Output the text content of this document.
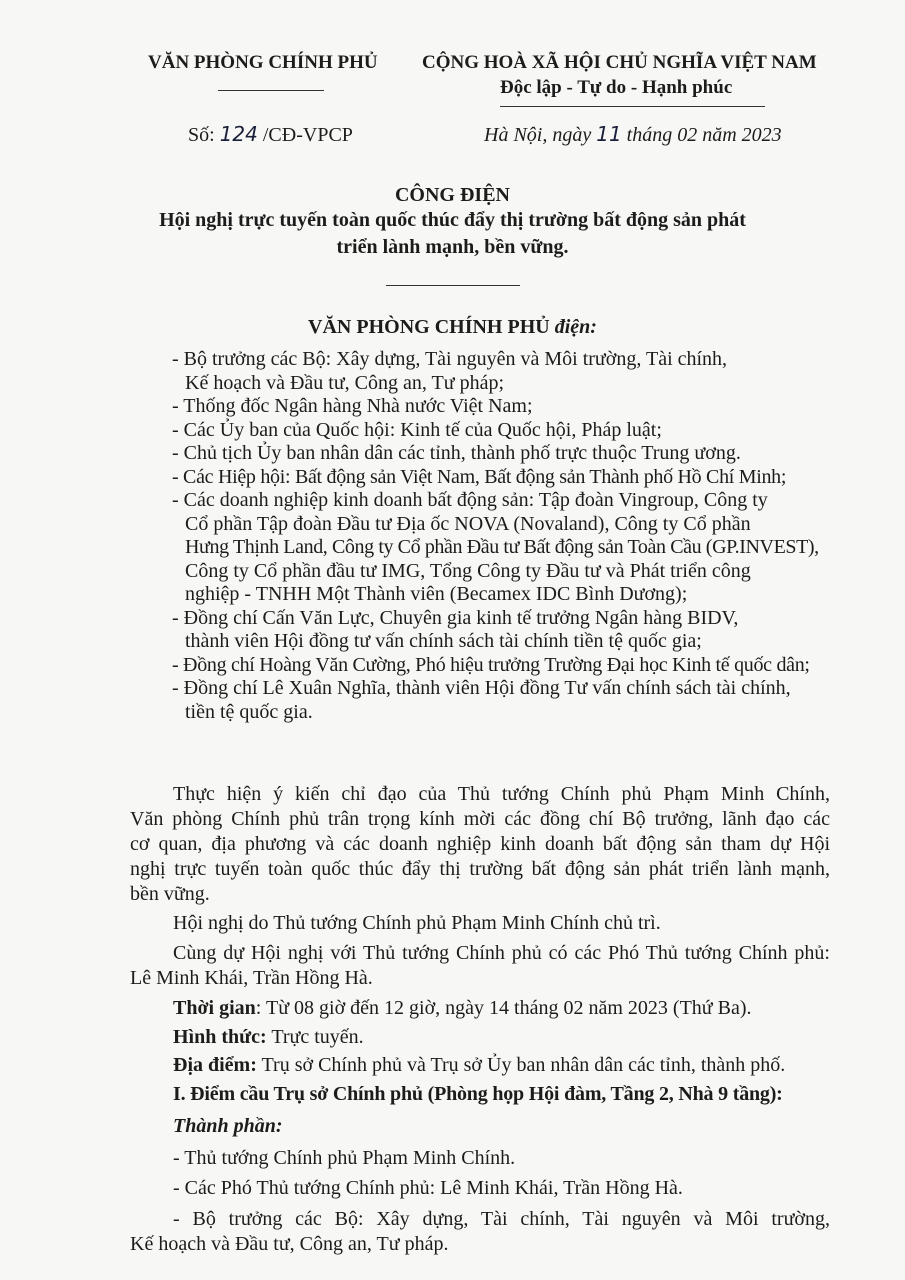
VĂN PHÒNG CHÍNH PHỦ CỘNG HOÀ XÃ HỘI CHỦ NGHĨA VIỆT NAM
Độc lập - Tự do - Hạnh phúc
Số: 124 /CĐ-VPCP	Hà Nội, ngày 11 tháng 02 năm 2023
CÔNG ĐIỆN
Hội nghị trực tuyến toàn quốc thúc đẩy thị trường bất động sản phát
triển lành mạnh, bền vững.
VĂN PHÒNG CHÍNH PHỦ điện:
- Bộ trưởng các Bộ: Xây dựng, Tài nguyên và Môi trường, Tài chính,
Kế hoạch và Đầu tư, Công an, Tư pháp;
- Thống đốc Ngân hàng Nhà nước Việt Nam;
- Các Ủy ban của Quốc hội: Kinh tế của Quốc hội, Pháp luật;
- Chủ tịch Ủy ban nhân dân các tỉnh, thành phố trực thuộc Trung ương.
- Các Hiệp hội: Bất động sản Việt Nam, Bất động sản Thành phố Hồ Chí Minh;
- Các doanh nghiệp kinh doanh bất động sản: Tập đoàn Vingroup, Công ty
Cổ phần Tập đoàn Đầu tư Địa ốc NOVA (Novaland), Công ty Cổ phần
Hưng Thịnh Land, Công ty Cổ phần Đầu tư Bất động sản Toàn Cầu (GP.INVEST),
Công ty Cổ phần đầu tư IMG, Tổng Công ty Đầu tư và Phát triển công
nghiệp - TNHH Một Thành viên (Becamex IDC Bình Dương);
- Đồng chí Cấn Văn Lực, Chuyên gia kinh tế trưởng Ngân hàng BIDV,
thành viên Hội đồng tư vấn chính sách tài chính tiền tệ quốc gia;
- Đồng chí Hoàng Văn Cường, Phó hiệu trưởng Trường Đại học Kinh tế quốc dân;
- Đồng chí Lê Xuân Nghĩa, thành viên Hội đồng Tư vấn chính sách tài chính,
tiền tệ quốc gia.
Thực hiện ý kiến chỉ đạo của Thủ tướng Chính phủ Phạm Minh Chính,
Văn phòng Chính phủ trân trọng kính mời các đồng chí Bộ trưởng, lãnh đạo các
cơ quan, địa phương và các doanh nghiệp kinh doanh bất động sản tham dự Hội
nghị trực tuyến toàn quốc thúc đẩy thị trường bất động sản phát triển lành mạnh,
bền vững.
Hội nghị do Thủ tướng Chính phủ Phạm Minh Chính chủ trì.
Cùng dự Hội nghị với Thủ tướng Chính phủ có các Phó Thủ tướng Chính phủ:
Lê Minh Khái, Trần Hồng Hà.
Thời gian: Từ 08 giờ đến 12 giờ, ngày 14 tháng 02 năm 2023 (Thứ Ba).
Hình thức: Trực tuyến.
Địa điểm: Trụ sở Chính phủ và Trụ sở Ủy ban nhân dân các tỉnh, thành phố.
I. Điểm cầu Trụ sở Chính phủ (Phòng họp Hội đàm, Tầng 2, Nhà 9 tầng):
Thành phần:
- Thủ tướng Chính phủ Phạm Minh Chính.
- Các Phó Thủ tướng Chính phủ: Lê Minh Khái, Trần Hồng Hà.
- Bộ trưởng các Bộ: Xây dựng, Tài chính, Tài nguyên và Môi trường,
Kế hoạch và Đầu tư, Công an, Tư pháp.
